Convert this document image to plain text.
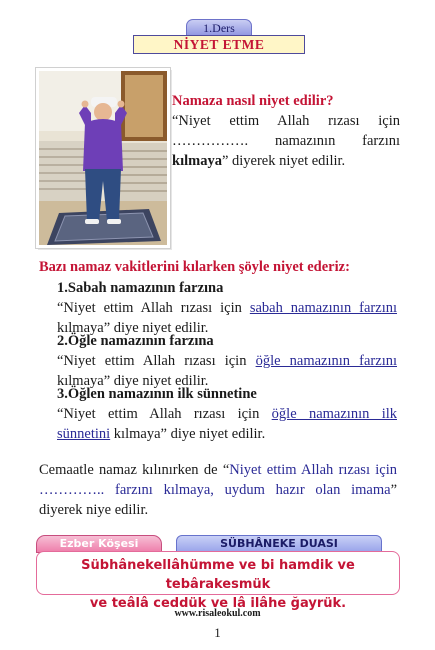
1.Ders
NİYET ETME
Namaza nasıl niyet edilir?
“Niyet ettim Allah rızası için
……………. namazının farzını
kılmaya” diyerek niyet edilir.
Bazı namaz vakitlerini kılarken şöyle niyet ederiz:
1.Sabah namazının farzına
“Niyet ettim Allah rızası için sabah namazının farzını
kılmaya” diye niyet edilir.
2.Öğle namazının farzına
“Niyet ettim Allah rızası için öğle namazının farzını
kılmaya” diye niyet edilir.
3.Öğlen namazının ilk sünnetine
“Niyet ettim Allah rızası için öğle namazının ilk
sünnetini kılmaya” diye niyet edilir.
Cemaatle namaz kılınırken de “Niyet ettim Allah rızası için
………….. farzını kılmaya, uydum hazır olan imama”
diyerek niye edilir.
Ezber Köşesi	SÜBHÂNEKE DUASI
Sübhânekellâhümme ve bi hamdik ve tebârakesmük
ve teâlâ ceddük ve lâ ilâhe ğayrük.
www.risaleokul.com
1
